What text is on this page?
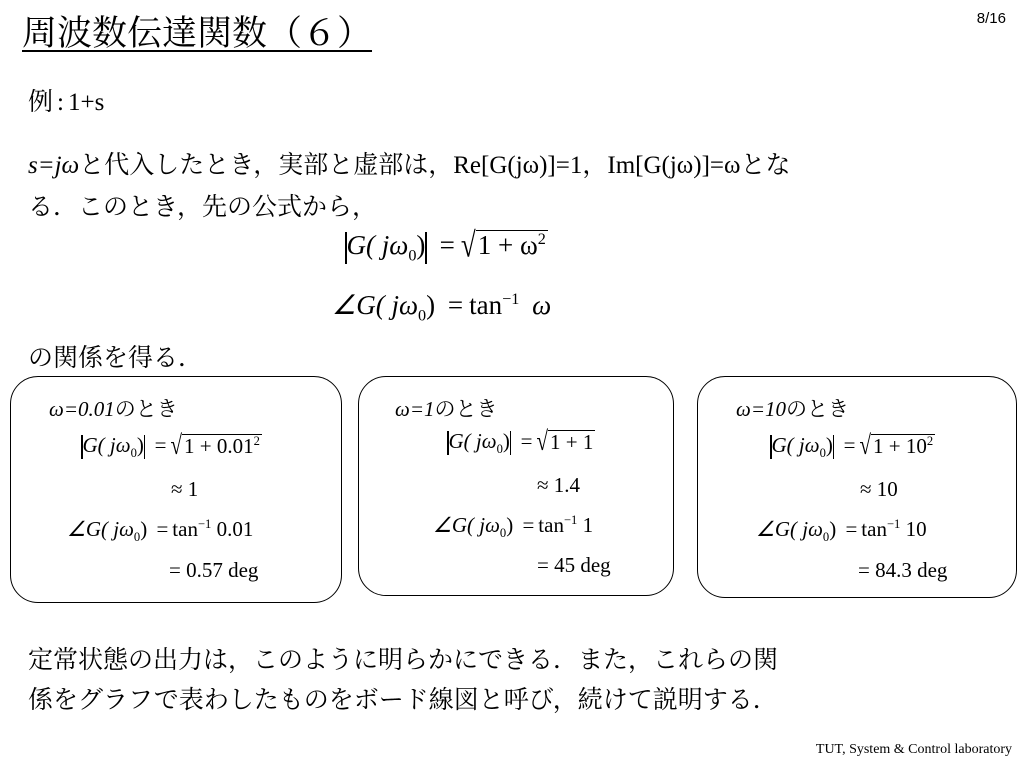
周波数伝達関数（６）	8/16
例 : 1+s
s=jωと代入したとき，実部と虚部は，Re[G(jω)]=1，Im[G(jω)]=ωとな
る．このとき，先の公式から，
G( $j\omega_0$) = √ $1 + \omega^2$
∠G( $j\omega_0) = \tan^{-1} \omega$
の関係を得る．
ω=0.01のとき
G( $j\omega_0$) = √ $1 + 0.01^2$
≈ 1
∠G( $j\omega_0) = \tan^{-1} 0.01$
= 0.57 deg
ω=1のとき
G( $j\omega_0$) = √ 1 + 1
≈ 1.4
∠G( $j\omega_0) = \tan^{-1} 1$
= 45 deg
ω=10のとき
G( $j\omega_0$) = √ $1 + 10^2$
≈ 10
∠G( $j\omega_0) = \tan^{-1} 10$
= 84.3 deg
定常状態の出力は，このように明らかにできる．また，これらの関
係をグラフで表わしたものをボード線図と呼び，続けて説明する．
TUT, System & Control laboratory
